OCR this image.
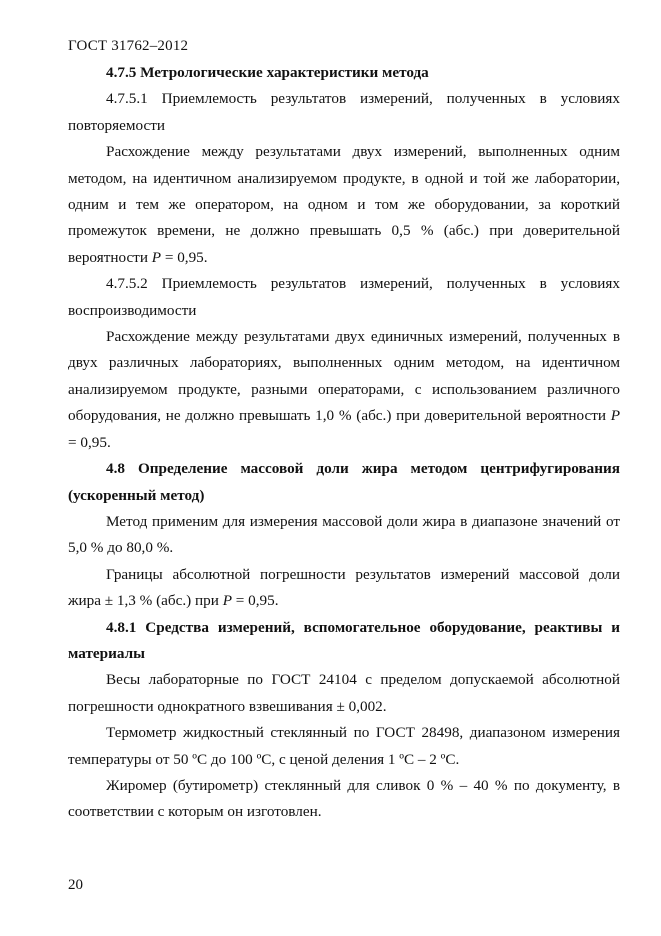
ГОСТ 31762–2012

4.7.5 Метрологические характеристики метода

4.7.5.1 Приемлемость результатов измерений, полученных в условиях повторяемости

Расхождение между результатами двух измерений, выполненных одним методом, на идентичном анализируемом продукте, в одной и той же лаборатории, одним и тем же оператором, на одном и том же оборудовании, за короткий промежуток времени, не должно превышать 0,5 % (абс.) при доверительной вероятности P = 0,95.

4.7.5.2 Приемлемость результатов измерений, полученных в условиях воспроизводимости

Расхождение между результатами двух единичных измерений, полученных в двух различных лабораториях, выполненных одним методом, на идентичном анализируемом продукте, разными операторами, с использованием различного оборудования, не должно превышать 1,0 % (абс.) при доверительной вероятности P = 0,95.

4.8 Определение массовой доли жира методом центрифугирования (ускоренный метод)

Метод применим для измерения массовой доли жира в диапазоне значений от 5,0 % до 80,0 %.

Границы абсолютной погрешности результатов измерений массовой доли жира ± 1,3 % (абс.) при P = 0,95.

4.8.1 Средства измерений, вспомогательное оборудование, реактивы и материалы

Весы лабораторные по ГОСТ 24104 с пределом допускаемой абсолютной погрешности однократного взвешивания ± 0,002.

Термометр жидкостный стеклянный по ГОСТ 28498, диапазоном измерения температуры от 50 ºС до 100 ºС, с ценой деления 1 ºС – 2 ºС.

Жиромер (бутирометр) стеклянный для сливок 0 % – 40 % по документу, в соответствии с которым он изготовлен.

20
